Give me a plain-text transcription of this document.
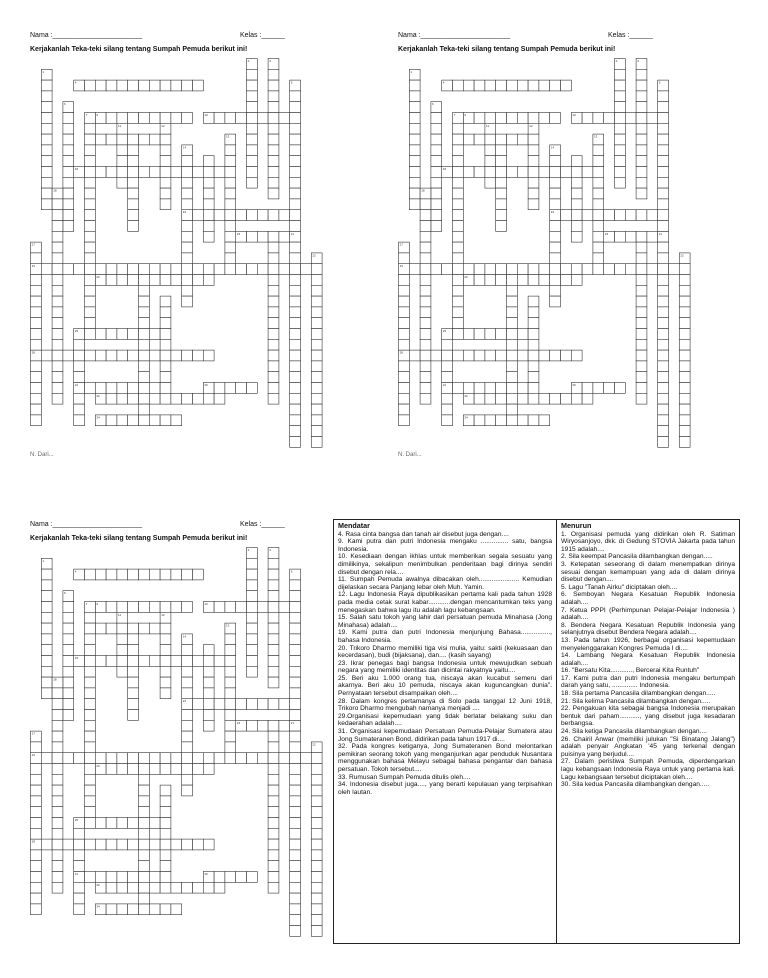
Nama :_______________________	Kelas :______
Kerjakanlah Teka-teki silang tentang Sumpah Pemuda berikut ini!
4
9	10
2	3
1
6
7
5
11	12
13
15
14
17
19
20
18
21
22
25
28
31	30
32
34
16
23
N. Dari...
Nama :_______________________	Kelas :______
Kerjakanlah Teka-teki silang tentang Sumpah Pemuda berikut ini!
4
9	10
2	3
1
6
7
5
11	12
13
15
14
17
19
20
18
21
22
25
28
31	30
32
34
16
23
N. Dari...
Nama :_______________________	Kelas :______
Kerjakanlah Teka-teki silang tentang Sumpah Pemuda berikut ini!
4
9	10
2	3
1
6
7
5
11	12
13
15
14
17
19
20
18
21
22
25
28
31	30
32
34
16
23
Mendatar

4. Rasa cinta bangsa dan tanah air disebut juga dengan....

9. Kami putra dan putri Indonesia mengaku ............... satu, bangsa Indonesia.

10. Kesediaan dengan ikhlas untuk memberikan segala sesuatu yang dimilikinya, sekalipun menimbulkan penderitaan bagi dirinya sendiri disebut dengan rela....

11. Sumpah Pemuda awalnya dibacakan oleh...................... Kemudian dijelaskan secara Panjang lebar oleh Muh. Yamin.

12. Lagu Indonesia Raya dipublikasikan pertama kali pada tahun 1928 pada media cetak surat kabar............dengan mencantumkan teks yang menegaskan bahwa lagu itu adalah lagu kebangsaan.

15. Salah satu tokoh yang lahir dari persatuan pemuda Minahasa (Jong Minahasa) adalah....

19. Kami putra dan putri Indonesia menjunjung Bahasa................, bahasa Indonesia.

20. Trikoro Dharmo memiliki tiga visi mulia, yaitu: sakti (kekuasaan dan kecerdasan), budi (bijaksana), dan.... (kasih sayang)

23. Ikrar penegas bagi bangsa Indonesia untuk mewujudkan sebuah negara yang memiliki identitas dan dicintai rakyatnya yaitu....

25. Beri aku 1.000 orang tua, niscaya akan kucabut semeru dari akarnya. Beri aku 10 pemuda, niscaya akan kuguncangkan dunia". Pernyataan tersebut disampaikan oleh....

28. Dalam kongres pertamanya di Solo pada tanggal 12 Juni 1918, Trikoro Dharmo mengubah namanya menjadi ....

29.Organisasi kepemudaan yang tidak berlatar belakang suku dan kedaerahan adalah....

31. Organisasi kepemudaan Persatuan Pemuda-Pelajar Sumatera atau Jong Sumateranen Bond, didirikan pada tahun 1917 di....

32. Pada kongres ketiganya, Jong Sumateranen Bond melontarkan pemikiran seorang tokoh yang menganjurkan agar penduduk Nusantara menggunakan bahasa Melayu sebagai bahasa pengantar dan bahasa persatuan. Tokoh tersebut....

33. Rumusan Sumpah Pemuda ditulis oleh....

34. Indonesia disebut juga...., yang berarti kepulauan yang terpisahkan oleh lautan.

Menurun

1. Organisasi pemuda yang didirikan oleh R. Satiman Wiryosanjoyo, dkk. di Gedung STOVIA Jakarta pada tahun 1915 adalah....

2. Sila keempat Pancasila dilambangkan dengan.....

3. Ketepatan seseorang di dalam menempatkan dirinya sesuai dengan kemampuan yang ada di dalam dirinya disebut dengan....

5. Lagu "Tanah Airku" diciptakan oleh....

6. Semboyan Negara Kesatuan Republik Indonesia adalah....

7. Ketua PPPI (Perhimpunan Pelajar-Pelajar Indonesia ) adalah....

8. Bendera Negara Kesatuan Republik Indonesia yang selanjutnya disebut Bendera Negara adalah....

13. Pada tahun 1926, berbagai organisasi kepemudaan menyelenggarakan Kongres Pemuda I di....

14. Lambang Negara Kesatuan Republik Indonesia adalah....

16. "Bersatu Kita............, Bercerai Kita Runtuh"

17. Kami putra dan putri Indonesia mengaku bertumpah darah yang satu, .............. Indonesia.

18. Sila pertama Pancasila dilambangkan dengan.....

21. Sila kelima Pancasila dilambangkan dengan.....

22. Pengakuan kita sebagai bangsa Indonesia merupakan bentuk dari paham..........., yang disebut juga kesadaran berbangsa.

24. Sila ketiga Pancasila dilambangkan dengan....

26. Chairil Anwar (memiliki julukan "Si Binatang Jalang") adalah penyair Angkatan '45 yang terkenal dengan puisinya yang berjudul....

27. Dalam peristiwa Sumpah Pemuda, diperdengarkan lagu kebangsaan Indonesia Raya untuk yang pertama kali. Lagu kebangsaan tersebut diciptakan oleh....

30. Sila kedua Pancasila dilambangkan dengan.....
